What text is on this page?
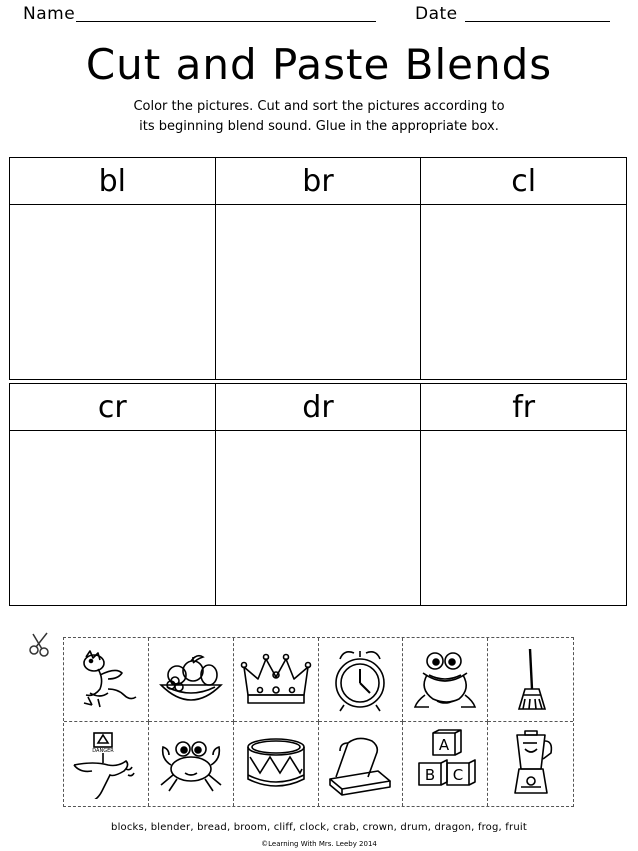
Name	Date
Cut and Paste Blends
Color the pictures. Cut and sort the pictures according to
its beginning blend sound. Glue in the appropriate box.
bl	br	cl

cr	dr	fr

DANGER	A
B C
blocks, blender, bread, broom, cliff, clock, crab, crown, drum, dragon, frog, fruit
©Learning With Mrs. Leeby 2014
